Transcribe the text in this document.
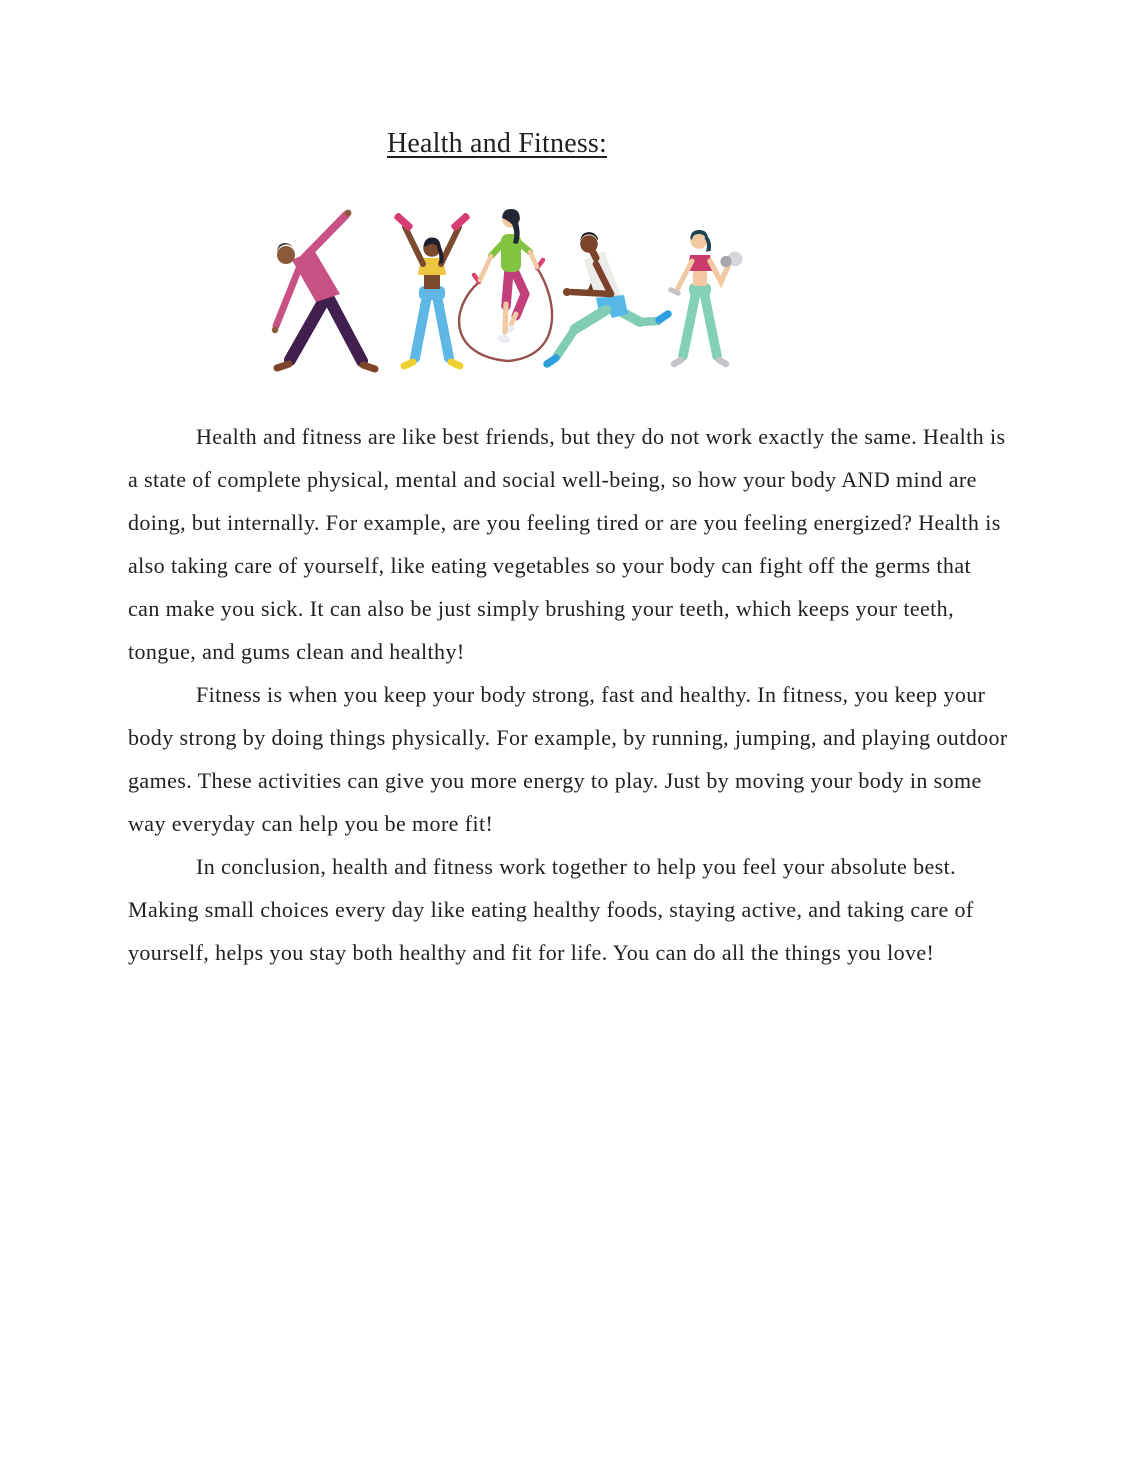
Health and Fitness:

Health and fitness are like best friends, but they do not work exactly the same. Health is a state of complete physical, mental and social well-being, so how your body AND mind are doing, but internally. For example, are you feeling tired or are you feeling energized? Health is also taking care of yourself, like eating vegetables so your body can fight off the germs that can make you sick. It can also be just simply brushing your teeth, which keeps your teeth, tongue, and gums clean and healthy!

Fitness is when you keep your body strong, fast and healthy. In fitness, you keep your body strong by doing things physically. For example, by running, jumping, and playing outdoor games. These activities can give you more energy to play. Just by moving your body in some way everyday can help you be more fit!

In conclusion, health and fitness work together to help you feel your absolute best. Making small choices every day like eating healthy foods, staying active, and taking care of yourself, helps you stay both healthy and fit for life. You can do all the things you love!
